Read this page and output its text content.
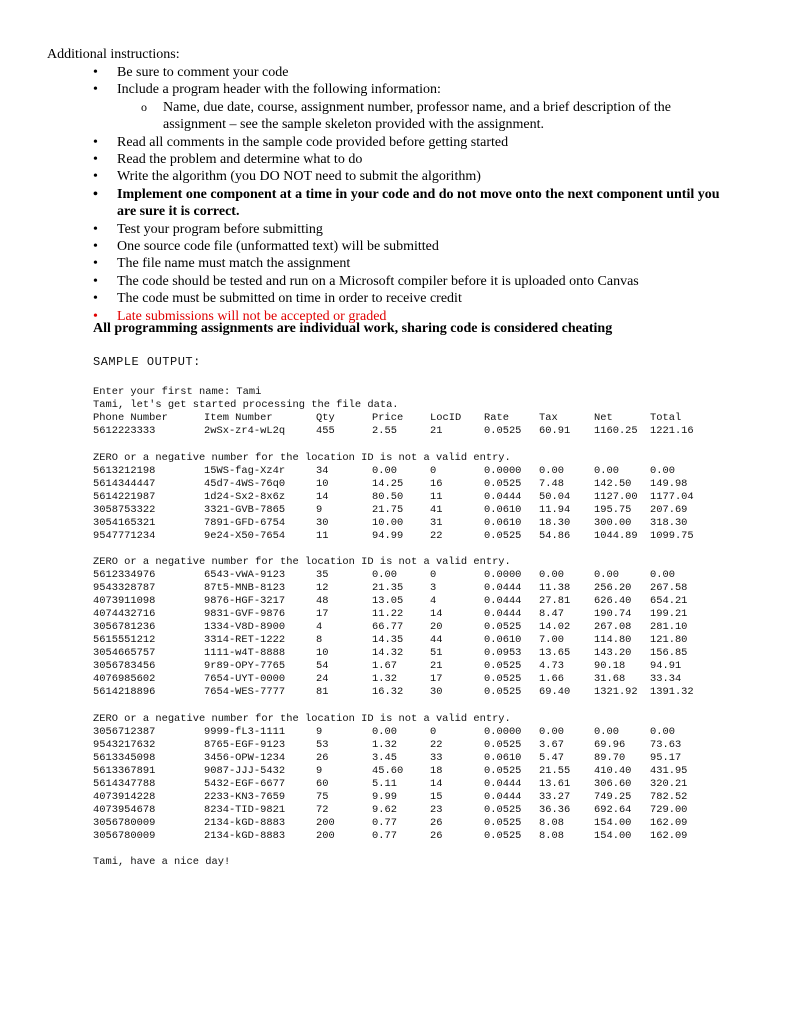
Additional instructions:
• Be sure to comment your code
• Include a program header with the following information:
o Name, due date, course, assignment number, professor name, and a brief description of the assignment – see the sample skeleton provided with the assignment.
• Read all comments in the sample code provided before getting started
• Read the problem and determine what to do
• Write the algorithm (you DO NOT need to submit the algorithm)
• Implement one component at a time in your code and do not move onto the next component until you are sure it is correct.
• Test your program before submitting
• One source code file (unformatted text) will be submitted
• The file name must match the assignment
• The code should be tested and run on a Microsoft compiler before it is uploaded onto Canvas
• The code must be submitted on time in order to receive credit
• Late submissions will not be accepted or graded
All programming assignments are individual work, sharing code is considered cheating
SAMPLE OUTPUT:
Enter your first name: Tami
Tami, let's get started processing the file data.
Phone Number	Item Number	Qty	Price	LocID Rate	Tax	Net	Total
5612223333	2wSx-zr4-wL2q	455	2.55	21	0.0525 60.91 1160.25 1221.16
ZERO or a negative number for the location ID is not a valid entry.
5613212198	15WS-fag-Xz4r	34	0.00	0	0.0000 0.00	0.00	0.00
5614344447	45d7-4WS-76q0	10	14.25	16	0.0525 7.48	142.50 149.98
5614221987	1d24-Sx2-8x6z	14	80.50	11	0.0444 50.04 1127.00 1177.04
3058753322	3321-GVB-7865	9	21.75	41	0.0610 11.94 195.75 207.69
3054165321	7891-GFD-6754	30	10.00	31	0.0610 18.30 300.00 318.30
9547771234	9e24-X50-7654	11	94.99	22	0.0525 54.86 1044.89 1099.75
ZERO or a negative number for the location ID is not a valid entry.
5612334976	6543-vWA-9123	35	0.00	0	0.0000 0.00	0.00	0.00
9543328787	87t5-MNB-8123	12	21.35	3	0.0444 11.38 256.20 267.58
4073911098	9876-HGF-3217	48	13.05	4	0.0444 27.81 626.40 654.21
4074432716	9831-GVF-9876	17	11.22	14	0.0444 8.47	190.74 199.21
3056781236	1334-V8D-8900	4	66.77	20	0.0525 14.02 267.08 281.10
5615551212	3314-RET-1222	8	14.35	44	0.0610 7.00	114.80 121.80
3054665757	1111-w4T-8888	10	14.32	51	0.0953 13.65 143.20 156.85
3056783456	9r89-OPY-7765	54	1.67	21	0.0525 4.73	90.18 94.91
4076985602	7654-UYT-0000	24	1.32	17	0.0525 1.66	31.68 33.34
5614218896	7654-WES-7777	81	16.32	30	0.0525 69.40 1321.92 1391.32
ZERO or a negative number for the location ID is not a valid entry.
3056712387	9999-fL3-1111	9	0.00	0	0.0000 0.00	0.00	0.00
9543217632	8765-EGF-9123	53	1.32	22	0.0525 3.67	69.96 73.63
5613345098	3456-OPW-1234	26	3.45	33	0.0610 5.47	89.70 95.17
5613367891	9087-JJJ-5432	9	45.60	18	0.0525 21.55 410.40 431.95
5614347788	5432-EGF-6677	60	5.11	14	0.0444 13.61 306.60 320.21
4073914228	2233-KN3-7659	75	9.99	15	0.0444 33.27 749.25 782.52
4073954678	8234-TID-9821	72	9.62	23	0.0525 36.36 692.64 729.00
3056780009	2134-kGD-8883	200	0.77	26	0.0525 8.08	154.00 162.09
3056780009	2134-kGD-8883	200	0.77	26	0.0525 8.08	154.00 162.09
Tami, have a nice day!
